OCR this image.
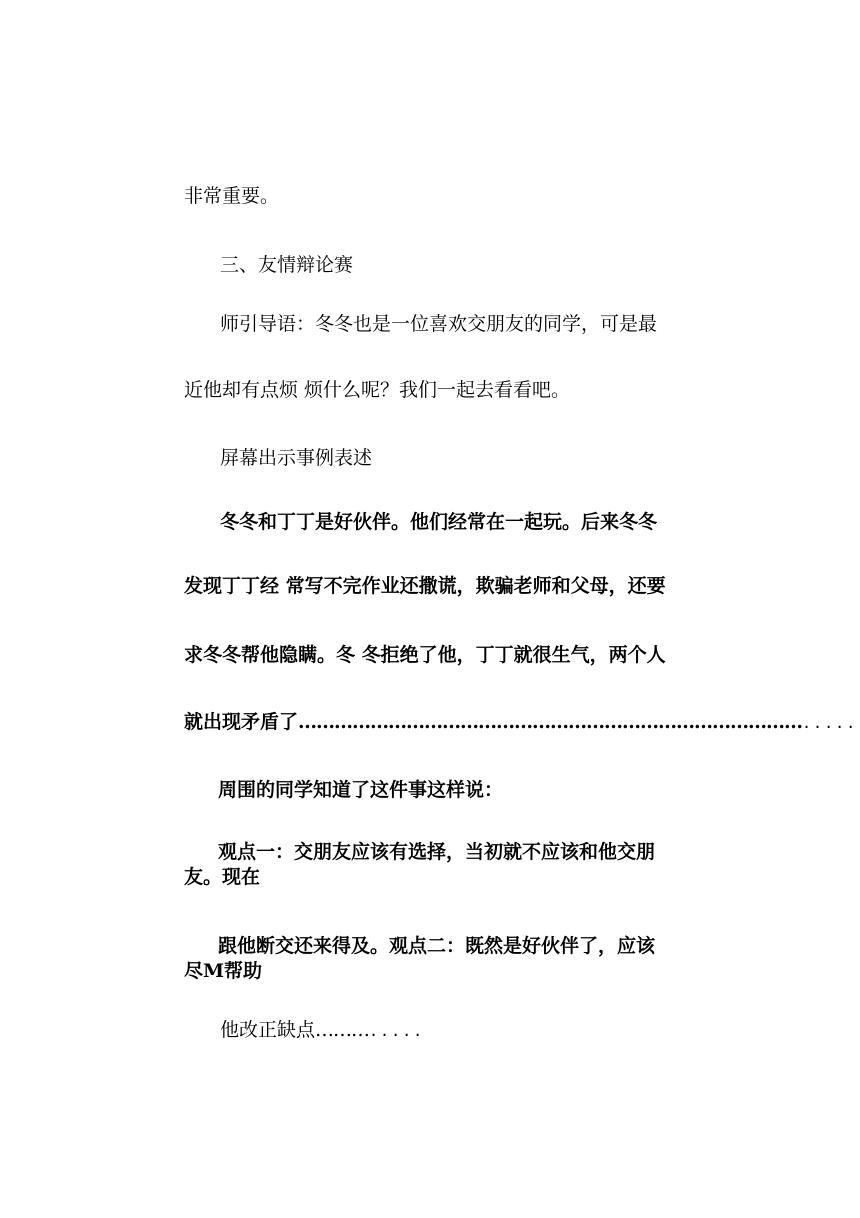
非常重要。

三、友情辩论赛

师引导语：冬冬也是一位喜欢交朋友的同学，可是最

近他却有点烦 烦什么呢？我们一起去看看吧。

屏幕出示事例表述

冬冬和丁丁是好伙伴。他们经常在一起玩。后来冬冬

发现丁丁经 常写不完作业还撒谎，欺骗老师和父母，还要

求冬冬帮他隐瞒。冬 冬拒绝了他，丁丁就很生气，两个人

就出现矛盾了………………………………………………………………………….....

周围的同学知道了这件事这样说：

观点一：交朋友应该有选择，当初就不应该和他交朋

友。现在

跟他断交还来得及。观点二：既然是好伙伴了，应该

尽M帮助

他改正缺点……….....
